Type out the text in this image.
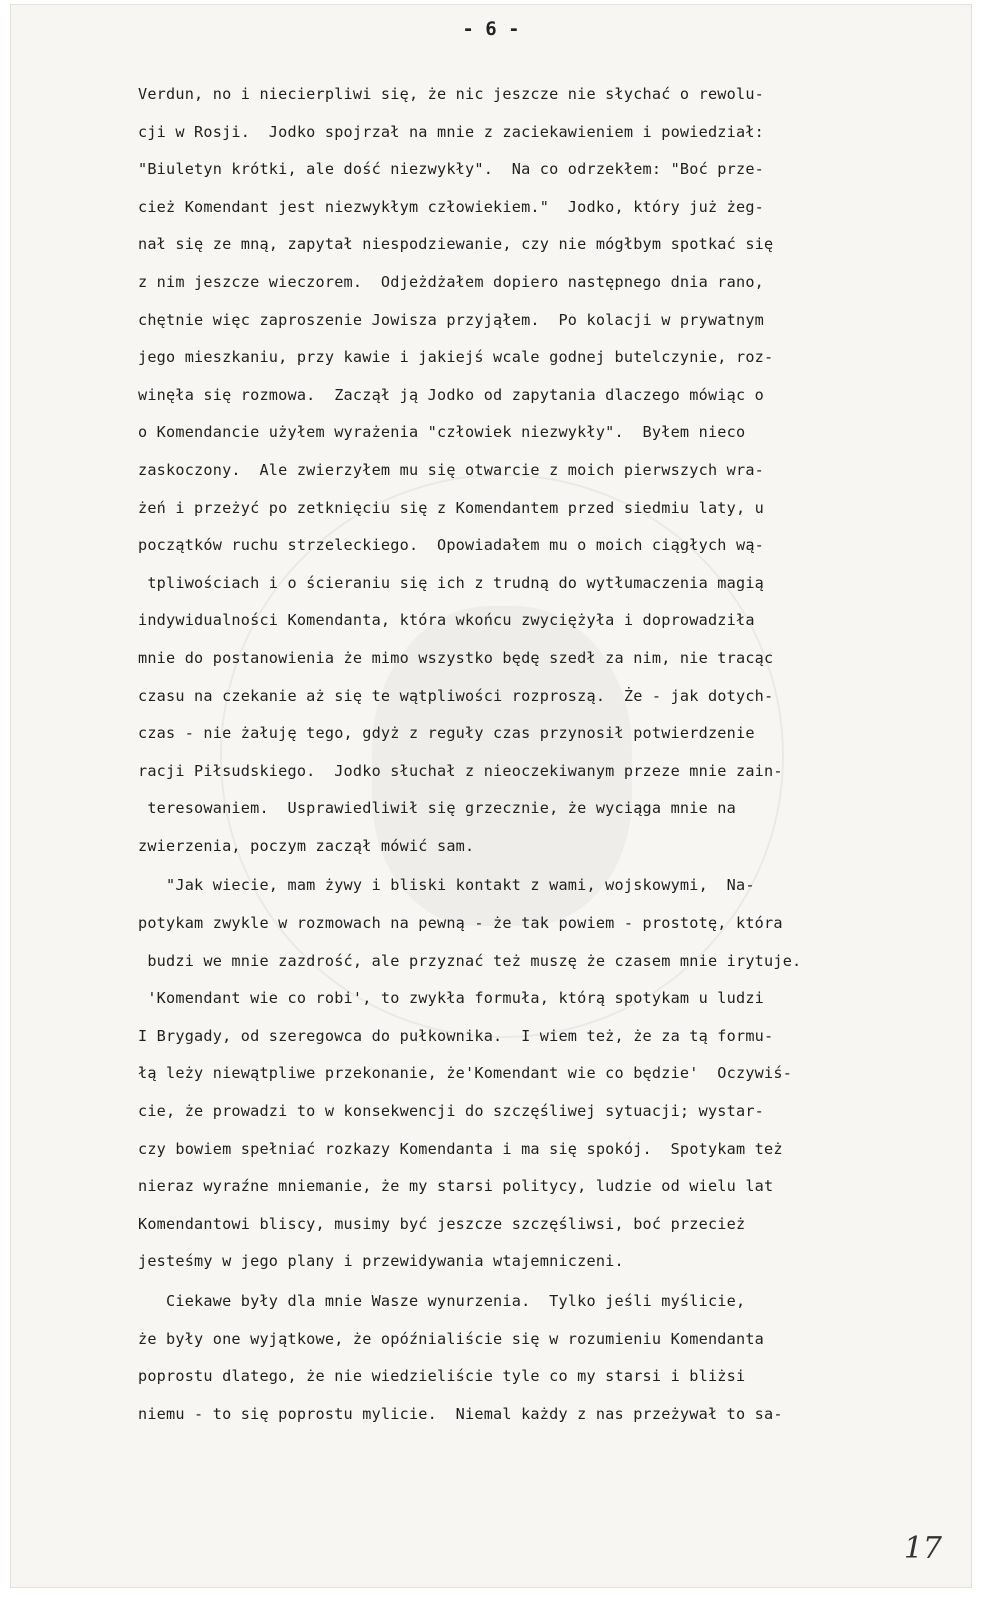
- 6 -
Verdun, no i niecierpliwi się, że nic jeszcze nie słychać o rewolu-
cji w Rosji.  Jodko spojrzał na mnie z zaciekawieniem i powiedział:
"Biuletyn krótki, ale dość niezwykły".  Na co odrzekłem: "Boć prze-
cież Komendant jest niezwykłym człowiekiem."  Jodko, który już żeg-
nał się ze mną, zapytał niespodziewanie, czy nie mógłbym spotkać się
z nim jeszcze wieczorem.  Odjeżdżałem dopiero następnego dnia rano,
chętnie więc zaproszenie Jowisza przyjąłem.  Po kolacji w prywatnym
jego mieszkaniu, przy kawie i jakiejś wcale godnej butelczynie, roz-
winęła się rozmowa.  Zaczął ją Jodko od zapytania dlaczego mówiąc o
o Komendancie użyłem wyrażenia "człowiek niezwykły".  Byłem nieco
zaskoczony.  Ale zwierzyłem mu się otwarcie z moich pierwszych wra-
żeń i przeżyć po zetknięciu się z Komendantem przed siedmiu laty, u
początków ruchu strzeleckiego.  Opowiadałem mu o moich ciągłych wą-
tpliwościach i o ścieraniu się ich z trudną do wytłumaczenia magią
indywidualności Komendanta, która wkońcu zwyciężyła i doprowadziła
mnie do postanowienia że mimo wszystko będę szedł za nim, nie tracąc
czasu na czekanie aż się te wątpliwości rozproszą.  Że - jak dotych-
czas - nie żałuję tego, gdyż z reguły czas przynosił potwierdzenie
racji Piłsudskiego.  Jodko słuchał z nieoczekiwanym przeze mnie zain-
teresowaniem.  Usprawiedliwił się grzecznie, że wyciąga mnie na
zwierzenia, poczym zaczął mówić sam.
"Jak wiecie, mam żywy i bliski kontakt z wami, wojskowymi,  Na-
potykam zwykle w rozmowach na pewną - że tak powiem - prostotę, która
budzi we mnie zazdrość, ale przyznać też muszę że czasem mnie irytuje.
'Komendant wie co robi', to zwykła formuła, którą spotykam u ludzi
I Brygady, od szeregowca do pułkownika.  I wiem też, że za tą formu-
łą leży niewątpliwe przekonanie, że'Komendant wie co będzie'  Oczywiś-
cie, że prowadzi to w konsekwencji do szczęśliwej sytuacji; wystar-
czy bowiem spełniać rozkazy Komendanta i ma się spokój.  Spotykam też
nieraz wyraźne mniemanie, że my starsi politycy, ludzie od wielu lat
Komendantowi bliscy, musimy być jeszcze szczęśliwsi, boć przecież
jesteśmy w jego plany i przewidywania wtajemniczeni.
Ciekawe były dla mnie Wasze wynurzenia.  Tylko jeśli myślicie,
że były one wyjątkowe, że opóźnialiście się w rozumieniu Komendanta
poprostu dlatego, że nie wiedzieliście tyle co my starsi i bliżsi
niemu - to się poprostu mylicie.  Niemal każdy z nas przeżywał to sa-
17
